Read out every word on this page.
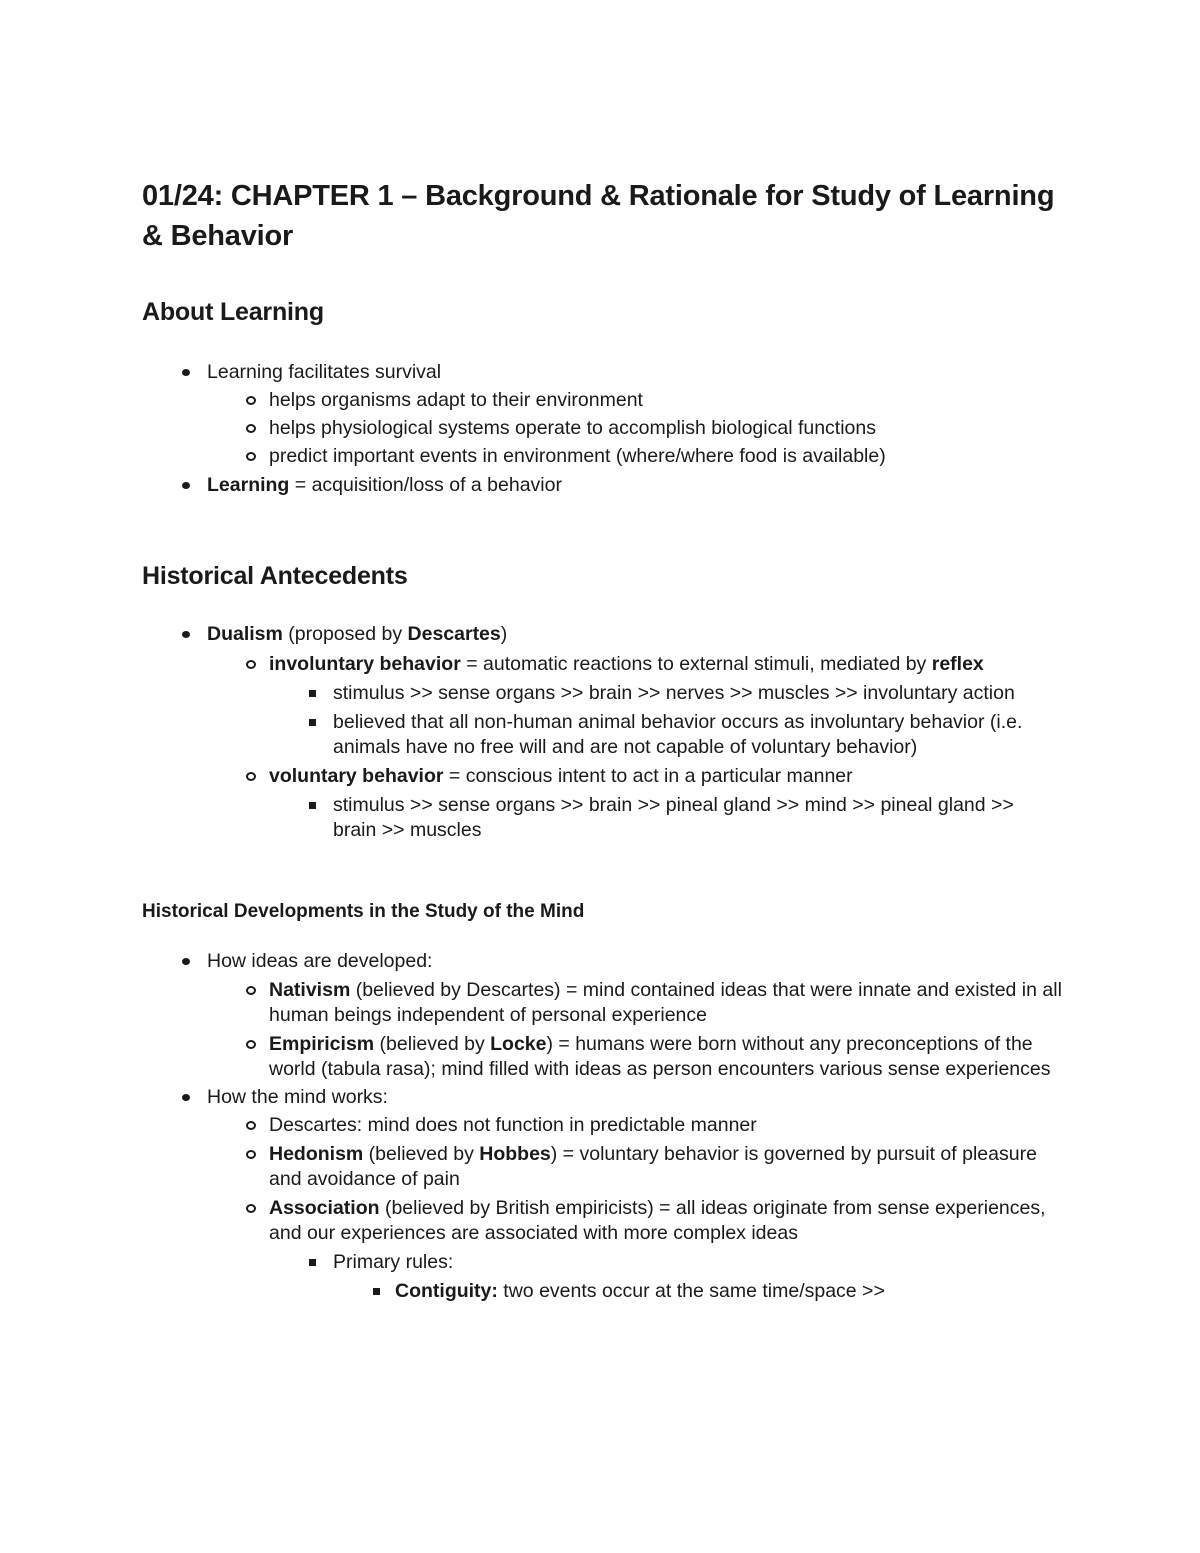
01/24: CHAPTER 1 – Background & Rationale for Study of Learning & Behavior
About Learning
Learning facilitates survival
helps organisms adapt to their environment
helps physiological systems operate to accomplish biological functions
predict important events in environment (where/where food is available)
Learning = acquisition/loss of a behavior
Historical Antecedents
Dualism (proposed by Descartes)
involuntary behavior = automatic reactions to external stimuli, mediated by reflex
stimulus >> sense organs >> brain >> nerves >> muscles >> involuntary action
believed that all non-human animal behavior occurs as involuntary behavior (i.e. animals have no free will and are not capable of voluntary behavior)
voluntary behavior = conscious intent to act in a particular manner
stimulus >> sense organs >> brain >> pineal gland >> mind >> pineal gland >> brain >> muscles
Historical Developments in the Study of the Mind
How ideas are developed:
Nativism (believed by Descartes) = mind contained ideas that were innate and existed in all human beings independent of personal experience
Empiricism (believed by Locke) = humans were born without any preconceptions of the world (tabula rasa); mind filled with ideas as person encounters various sense experiences
How the mind works:
Descartes: mind does not function in predictable manner
Hedonism (believed by Hobbes) = voluntary behavior is governed by pursuit of pleasure and avoidance of pain
Association (believed by British empiricists) = all ideas originate from sense experiences, and our experiences are associated with more complex ideas
Primary rules:
Contiguity: two events occur at the same time/space >>
